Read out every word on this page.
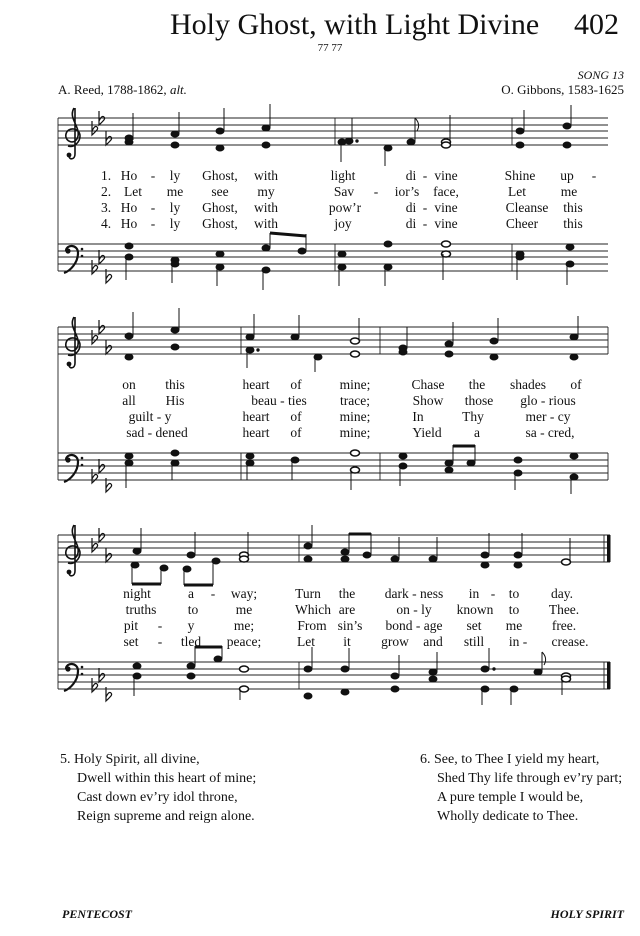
Holy Ghost, with Light Divine 402
77 77
SONG 13
A. Reed, 1788-1862, alt.	O. Gibbons, 1583-1625
1. Ho - ly Ghost, with	light	di - vine	Shine up -
2. Let me see my	Sav - ior’s face,	Let	me
3. Ho - ly Ghost, with	pow’r	di - vine	Cleanse this
4. Ho - ly Ghost, with	joy	di - vine	Cheer this
on this	heart of	mine;	Chase the shades of
all His	beau - ties trace;	Show those glo - rious
guilt - y	heart of	mine;	In	Thy	mer - cy
sad - dened	heart of	mine;	Yield a	sa - cred,
night	a - way;	Turn the dark - ness in - to day.
truths to	me	Which are	on - ly known to Thee.
pit - y	me;	From sin’s bond - age set me free.
set - tled peace;	Let it grow and still in - crease.
5. Holy Spirit, all divine,
Dwell within this heart of mine;
Cast down ev’ry idol throne,
Reign supreme and reign alone.
6. See, to Thee I yield my heart,
Shed Thy life through ev’ry part;
A pure temple I would be,
Wholly dedicate to Thee.
PENTECOST	HOLY SPIRIT
